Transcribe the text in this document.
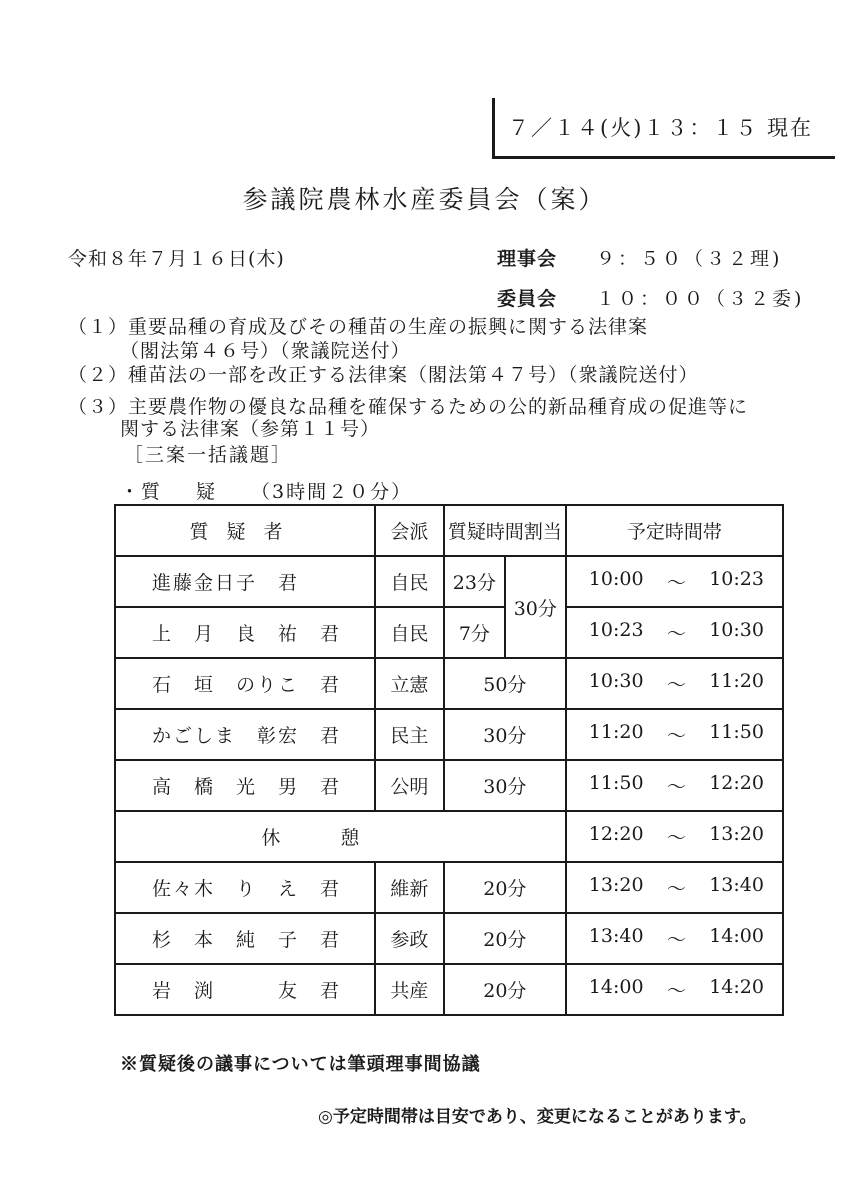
７／１４(火)１３：１５ 現在
参議院農林水産委員会（案）
令和８年７月１６日(木)	理事会 ９：５０（３２理)
委員会 １０：００（３２委)
（１）重要品種の育成及びその種苗の生産の振興に関する法律案
（閣法第４６号）（衆議院送付）
（２）種苗法の一部を改正する法律案（閣法第４７号）（衆議院送付）
（３）主要農作物の優良な品種を確保するための公的新品種育成の促進等に
関する法律案（参第１１号）
［三案一括議題］
・質 疑 （3時間２０分）
質疑者	会派	質疑時間割当		予定時間帯
進藤金日子　君	自民	23分	30分	10:00 ～ 10:23

上　月　良　祐　君	自民	7分		10:23 ～ 10:30

石　垣　のりこ　君	立憲	50分		10:30 ～ 11:20

かごしま　彰宏　君	民主	30分		11:20 ～ 11:50

高　橋　光　男　君	公明	30分		11:50 ～ 12:20

休憩				12:20 ～ 13:20

佐々木　り　え　君	維新	20分		13:20 ～ 13:40

杉　本　純　子　君	参政	20分		13:40 ～ 14:00

岩　渕　　　友　君	共産	20分		14:00 ～ 14:20
※質疑後の議事については筆頭理事間協議
◎予定時間帯は目安であり、変更になることがあります。
